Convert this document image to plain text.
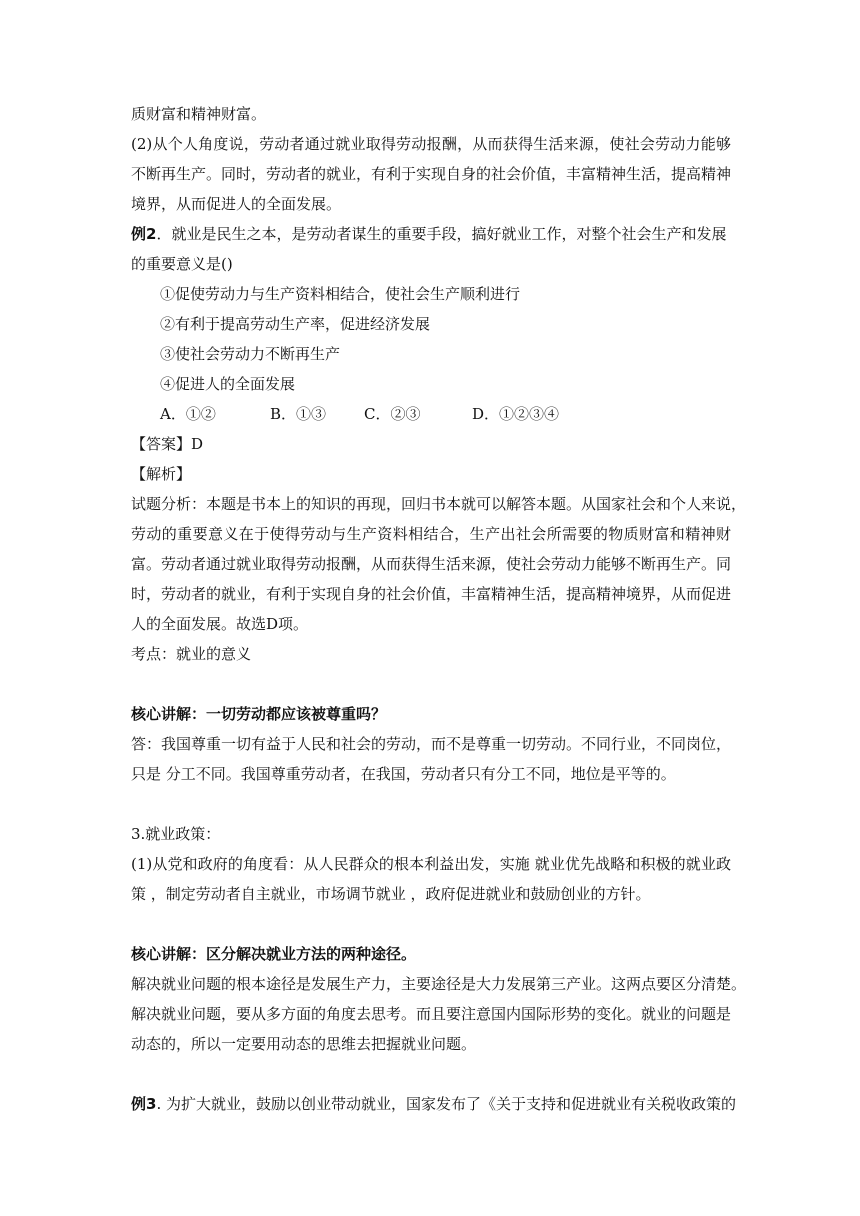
质财富和精神财富。
(2)从个人角度说，劳动者通过就业取得劳动报酬，从而获得生活来源，使社会劳动力能够
不断再生产。同时，劳动者的就业，有利于实现自身的社会价值，丰富精神生活，提高精神
境界，从而促进人的全面发展。
例2．就业是民生之本，是劳动者谋生的重要手段，搞好就业工作，对整个社会生产和发展
的重要意义是()
①促使劳动力与生产资料相结合，使社会生产顺利进行
②有利于提高劳动生产率，促进经济发展
③使社会劳动力不断再生产
④促进人的全面发展
A．①②	B．①③	C．②③	D．①②③④
【答案】D
【解析】
试题分析：本题是书本上的知识的再现，回归书本就可以解答本题。从国家社会和个人来说，
劳动的重要意义在于使得劳动与生产资料相结合，生产出社会所需要的物质财富和精神财
富。劳动者通过就业取得劳动报酬，从而获得生活来源，使社会劳动力能够不断再生产。同
时，劳动者的就业，有利于实现自身的社会价值，丰富精神生活，提高精神境界，从而促进
人的全面发展。故选D项。
考点：就业的意义
核心讲解：一切劳动都应该被尊重吗？
答：我国尊重一切有益于人民和社会的劳动，而不是尊重一切劳动。不同行业，不同岗位，
只是 分工不同。我国尊重劳动者，在我国，劳动者只有分工不同，地位是平等的。
3.就业政策：
(1)从党和政府的角度看：从人民群众的根本利益出发，实施 就业优先战略和积极的就业政
策 ，制定劳动者自主就业，市场调节就业 ，政府促进就业和鼓励创业的方针。
核心讲解：区分解决就业方法的两种途径。
解决就业问题的根本途径是发展生产力，主要途径是大力发展第三产业。这两点要区分清楚。
解决就业问题，要从多方面的角度去思考。而且要注意国内国际形势的变化。就业的问题是
动态的，所以一定要用动态的思维去把握就业问题。
例3. 为扩大就业，鼓励以创业带动就业，国家发布了《关于支持和促进就业有关税收政策的
